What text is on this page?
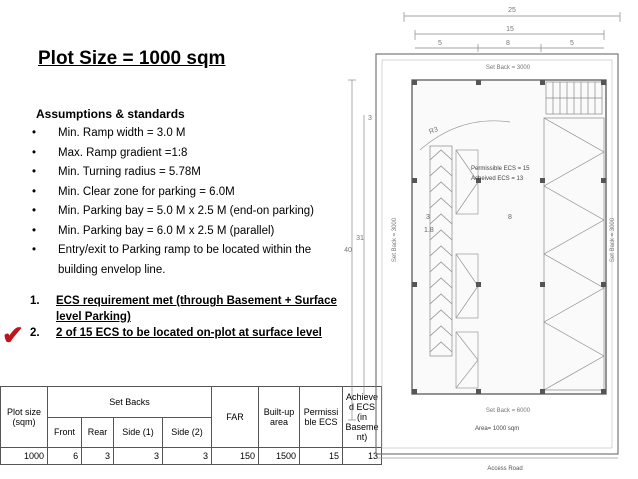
Plot Size = 1000 sqm
Assumptions & standards
• Min. Ramp width = 3.0 M
• Max. Ramp gradient =1:8
• Min. Turning radius = 5.78M
• Min. Clear zone for parking = 6.0M
• Min. Parking bay = 5.0 M x 2.5 M (end-on parking)
• Min. Parking bay = 6.0 M x 2.5 M (parallel)
• Entry/exit to Parking ramp to be located within the building envelop line.
1. ECS requirement met (through Basement + Surface level Parking)
2. 2 of 15 ECS to be located on-plot at surface level
✔
Plot size (sqm)	Set Backs				FAR	Built-up area	Permissi ble ECS	Achieve d ECS (in Baseme nt)
	Front	Rear	Side (1)	Side (2)				
1000	6	3	3	3	150	1500	15	13
25
15
5	8	5
40
31
3
R3
3	8
1.8
Set Back = 3000
Set Back = 6000
Set Back = 3000	Set Back = 3000
Permissible ECS = 15
Acheived ECS = 13
Area= 1000 sqm
Access Road
